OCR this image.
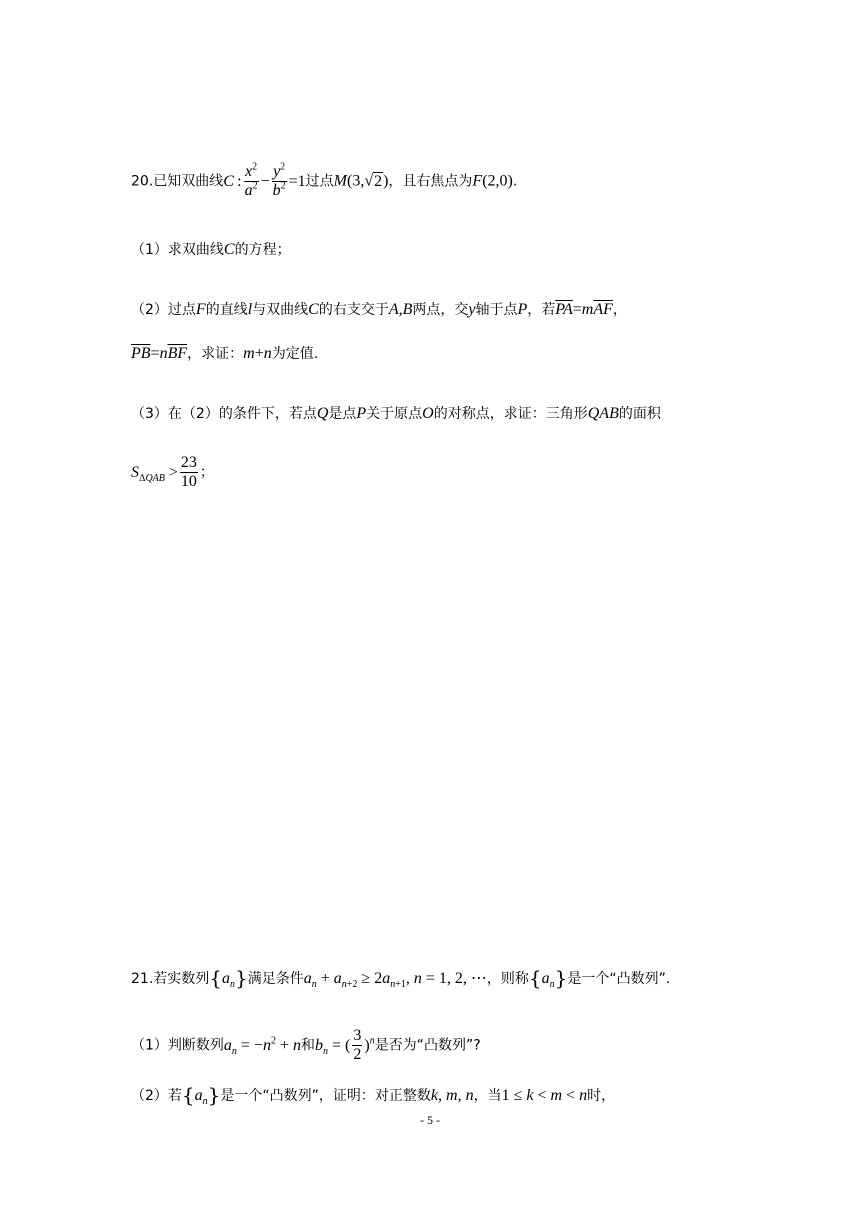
20.已知双曲线C : $\frac{x^2}{a^2} - \frac{y^2}{b^2} =1$过点M(3,√2)，且右焦点为F(2,0).
（1）求双曲线C的方程；
（2）过点F的直线l与双曲线C的右支交于A,B两点，交y轴于点P，若$\overline{PA}=m\overline{AF}$，
$\overline{PB}=n\overline{BF}$，求证：m+n为定值.
（3）在（2）的条件下，若点Q是点P关于原点O的对称点，求证：三角形QAB的面积
$S_{\Delta QAB} > \frac{23}{10}$ ；
21.若实数列$\{a_n\}$满足条件$a_n + a_{n+2} \ge 2a_{n+1}$, n = 1, 2, ⋯，则称$\{a_n\}$是一个“凸数列”.
（1）判断数列$a_n = -n^2 + n$和$b_n$ = ( $\frac{3}{2} )^n$是否为“凸数列”?
（2）若$\{a_n\}$是一个“凸数列”，证明：对正整数k, m, n，当1 ≤ k < m < n时，
- 5 -
